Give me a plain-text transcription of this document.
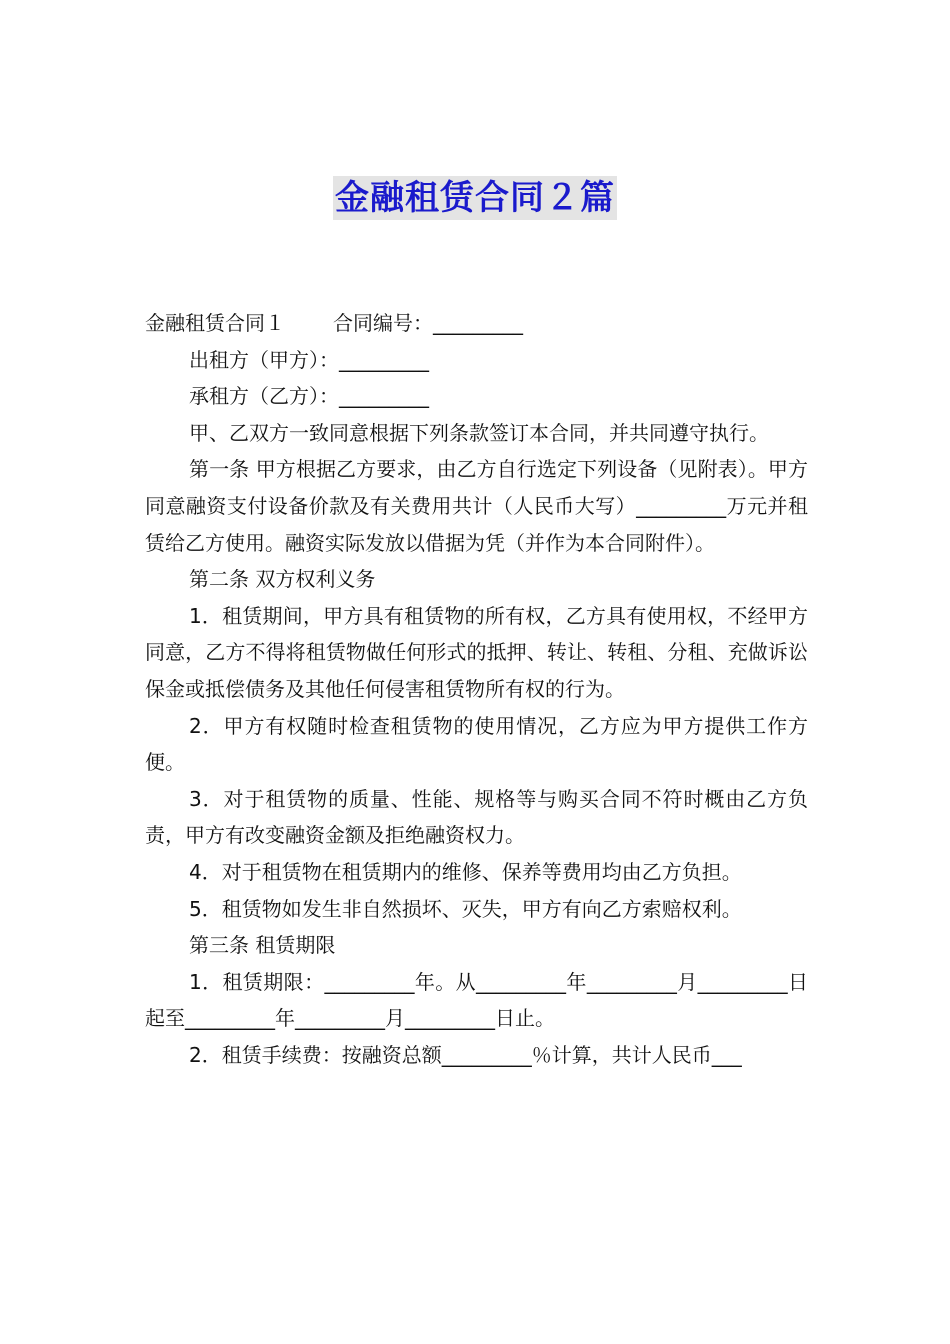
金融租赁合同２篇

金融租赁合同１ 合同编号：_________

出租方（甲方）：_________

承租方（乙方）：_________

甲、乙双方一致同意根据下列条款签订本合同，并共同遵守执行。

第一条 甲方根据乙方要求，由乙方自行选定下列设备（见附表）。甲方同意融资支付设备价款及有关费用共计（人民币大写）_________万元并租赁给乙方使用。融资实际发放以借据为凭（并作为本合同附件）。

第二条 双方权利义务

1．租赁期间，甲方具有租赁物的所有权，乙方具有使用权，不经甲方同意，乙方不得将租赁物做任何形式的抵押、转让、转租、分租、充做诉讼保金或抵偿债务及其他任何侵害租赁物所有权的行为。

2．甲方有权随时检查租赁物的使用情况，乙方应为甲方提供工作方便。

3．对于租赁物的质量、性能、规格等与购买合同不符时概由乙方负责，甲方有改变融资金额及拒绝融资权力。

4．对于租赁物在租赁期内的维修、保养等费用均由乙方负担。

5．租赁物如发生非自然损坏、灭失，甲方有向乙方索赔权利。

第三条 租赁期限

1．租赁期限：_________年。从_________年_________月_________日起至_________年_________月_________日止。

2．租赁手续费：按融资总额_________％计算，共计人民币___
